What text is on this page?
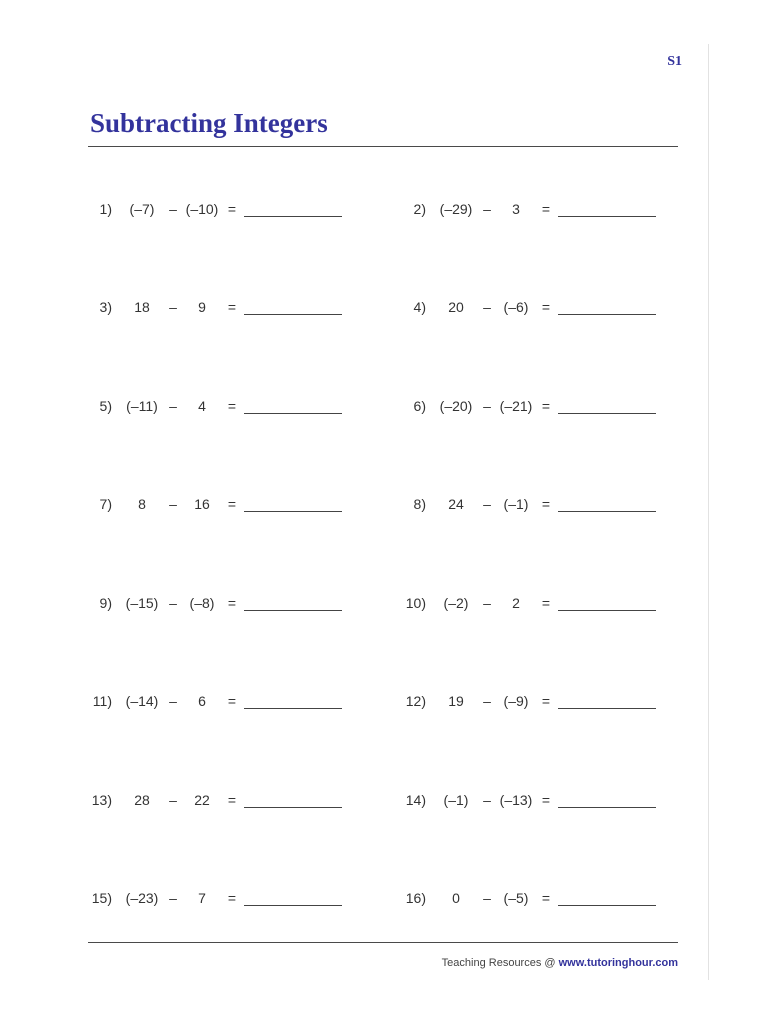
S1
Subtracting Integers
1)	(–7)	– (–10) =	2) (–29) –	3	=
3)	18	–	9	=	4)	20	– (–6) =
5)	(–11) –	4	=	6) (–20) – (–21) =
7)	8	–	16	=	8)	24	– (–1) =
9) (–15) – (–8) =	10)	(–2)	–	2	=
11) (–14) –	6	=	12)	19	– (–9) =
13)	28	–	22	=	14)	(–1)	– (–13) =
15) (–23) –	7	=	16)	0	– (–5) =
Teaching Resources @ www.tutoringhour.com
